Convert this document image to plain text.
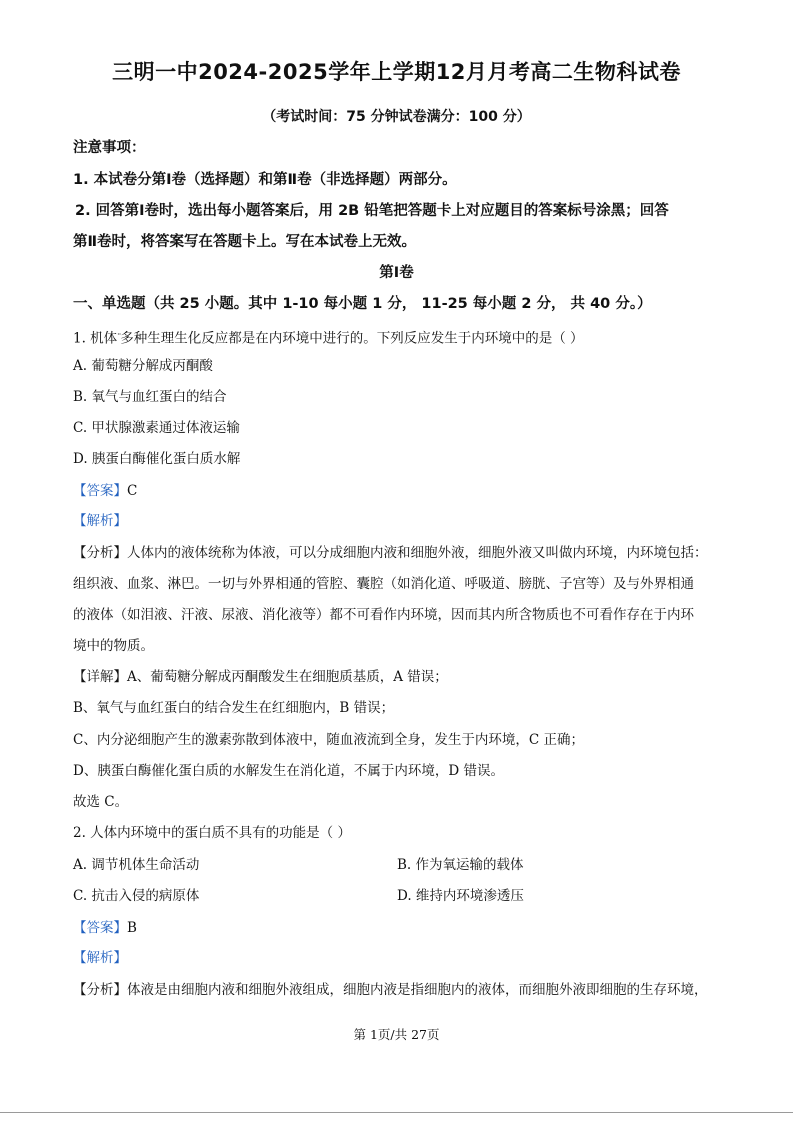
三明一中2024-2025学年上学期12月月考高二生物科试卷
（考试时间：75 分钟试卷满分：100 分）
注意事项：
1. 本试卷分第Ⅰ卷（选择题）和第Ⅱ卷（非选择题）两部分。
2. 回答第Ⅰ卷时，选出每小题答案后，用 2B 铅笔把答题卡上对应题目的答案标号涂黑；回答
第Ⅱ卷时，将答案写在答题卡上。写在本试卷上无效。
第Ⅰ卷
一、单选题（共 25 小题。其中 1-10 每小题 1 分， 11-25 每小题 2 分， 共 40 分。）
1. 机体··多种生理生化反应都是在内环境中进行的。下列反应发生于内环境中的是（ ）
A. 葡萄糖分解成丙酮酸
B. 氧气与血红蛋白的结合
C. 甲状腺激素通过体液运输
D. 胰蛋白酶催化蛋白质水解
【答案】C
【解析】
【分析】人体内的液体统称为体液，可以分成细胞内液和细胞外液，细胞外液又叫做内环境，内环境包括：
组织液、血浆、淋巴。一切与外界相通的管腔、囊腔（如消化道、呼吸道、膀胱、子宫等）及与外界相通
的液体（如泪液、汗液、尿液、消化液等）都不可看作内环境，因而其内所含物质也不可看作存在于内环
境中的物质。
【详解】A、葡萄糖分解成丙酮酸发生在细胞质基质，A 错误；
B、氧气与血红蛋白的结合发生在红细胞内，B 错误；
C、内分泌细胞产生的激素弥散到体液中，随血液流到全身，发生于内环境，C 正确；
D、胰蛋白酶催化蛋白质的水解发生在消化道，不属于内环境，D 错误。
故选 C。
2. 人体内环境中的蛋白质不具有的功能是（ ）
A. 调节机体生命活动	B. 作为氧运输的载体
C. 抗击入侵的病原体	D. 维持内环境渗透压
【答案】B
【解析】
【分析】体液是由细胞内液和细胞外液组成，细胞内液是指细胞内的液体，而细胞外液即细胞的生存环境，
第 1页/共 27页
